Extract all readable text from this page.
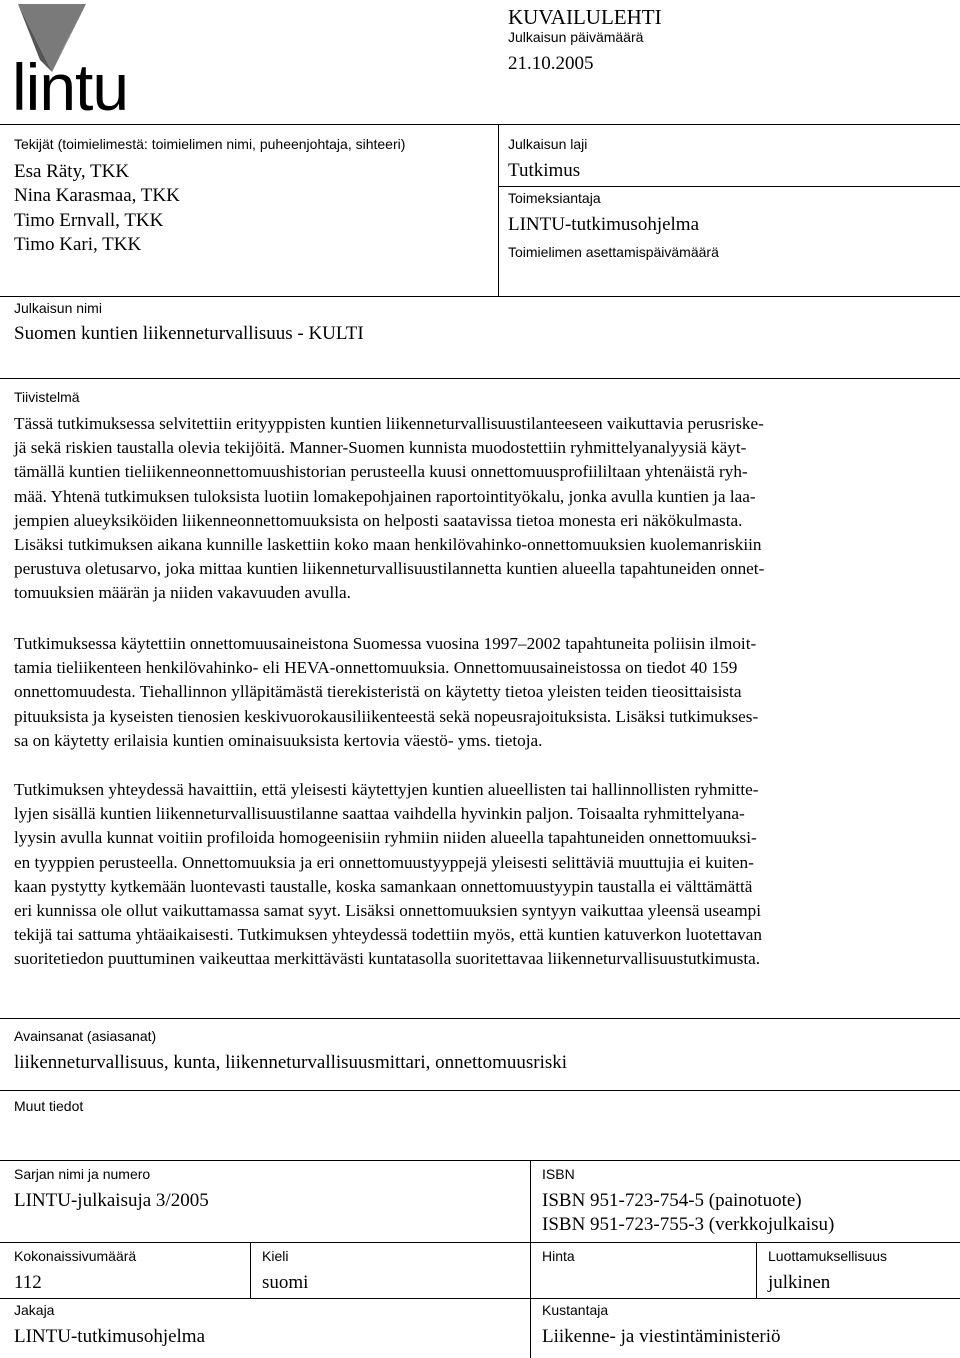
lintu
KUVAILULEHTI
Julkaisun päivämäärä
21.10.2005
Tekijät (toimielimestä: toimielimen nimi, puheenjohtaja, sihteeri)
Esa Räty, TKK
Nina Karasmaa, TKK
Timo Ernvall, TKK
Timo Kari, TKK
Julkaisun laji
Tutkimus
Toimeksiantaja
LINTU-tutkimusohjelma
Toimielimen asettamispäivämäärä
Julkaisun nimi
Suomen kuntien liikenneturvallisuus - KULTI
Tiivistelmä
Tässä tutkimuksessa selvitettiin erityyppisten kuntien liikenneturvallisuustilanteeseen vaikuttavia perusriske-
jä sekä riskien taustalla olevia tekijöitä. Manner-Suomen kunnista muodostettiin ryhmittelyanalyysiä käyt-
tämällä kuntien tieliikenneonnettomuushistorian perusteella kuusi onnettomuusprofiililtaan yhtenäistä ryh-
mää. Yhtenä tutkimuksen tuloksista luotiin lomakepohjainen raportointityökalu, jonka avulla kuntien ja laa-
jempien alueyksiköiden liikenneonnettomuuksista on helposti saatavissa tietoa monesta eri näkökulmasta.
Lisäksi tutkimuksen aikana kunnille laskettiin koko maan henkilövahinko-onnettomuuksien kuolemanriskiin
perustuva oletusarvo, joka mittaa kuntien liikenneturvallisuustilannetta kuntien alueella tapahtuneiden onnet-
tomuuksien määrän ja niiden vakavuuden avulla.
Tutkimuksessa käytettiin onnettomuusaineistona Suomessa vuosina 1997–2002 tapahtuneita poliisin ilmoit-
tamia tieliikenteen henkilövahinko- eli HEVA-onnettomuuksia. Onnettomuusaineistossa on tiedot 40 159
onnettomuudesta. Tiehallinnon ylläpitämästä tierekisteristä on käytetty tietoa yleisten teiden tieosittaisista
pituuksista ja kyseisten tienosien keskivuorokausiliikenteestä sekä nopeusrajoituksista. Lisäksi tutkimukses-
sa on käytetty erilaisia kuntien ominaisuuksista kertovia väestö- yms. tietoja.
Tutkimuksen yhteydessä havaittiin, että yleisesti käytettyjen kuntien alueellisten tai hallinnollisten ryhmitte-
lyjen sisällä kuntien liikenneturvallisuustilanne saattaa vaihdella hyvinkin paljon. Toisaalta ryhmittelyana-
lyysin avulla kunnat voitiin profiloida homogeenisiin ryhmiin niiden alueella tapahtuneiden onnettomuuksi-
en tyyppien perusteella. Onnettomuuksia ja eri onnettomuustyyppejä yleisesti selittäviä muuttujia ei kuiten-
kaan pystytty kytkemään luontevasti taustalle, koska samankaan onnettomuustyypin taustalla ei välttämättä
eri kunnissa ole ollut vaikuttamassa samat syyt. Lisäksi onnettomuuksien syntyyn vaikuttaa yleensä useampi
tekijä tai sattuma yhtäaikaisesti. Tutkimuksen yhteydessä todettiin myös, että kuntien katuverkon luotettavan
suoritetiedon puuttuminen vaikeuttaa merkittävästi kuntatasolla suoritettavaa liikenneturvallisuustutkimusta.
Avainsanat (asiasanat)
liikenneturvallisuus, kunta, liikenneturvallisuusmittari, onnettomuusriski
Muut tiedot
Sarjan nimi ja numero
LINTU-julkaisuja 3/2005
ISBN
ISBN 951-723-754-5 (painotuote)
ISBN 951-723-755-3 (verkkojulkaisu)
Kokonaissivumäärä
112
Kieli
suomi
Hinta	Luottamuksellisuus
julkinen
Jakaja
LINTU-tutkimusohjelma
Kustantaja
Liikenne- ja viestintäministeriö
